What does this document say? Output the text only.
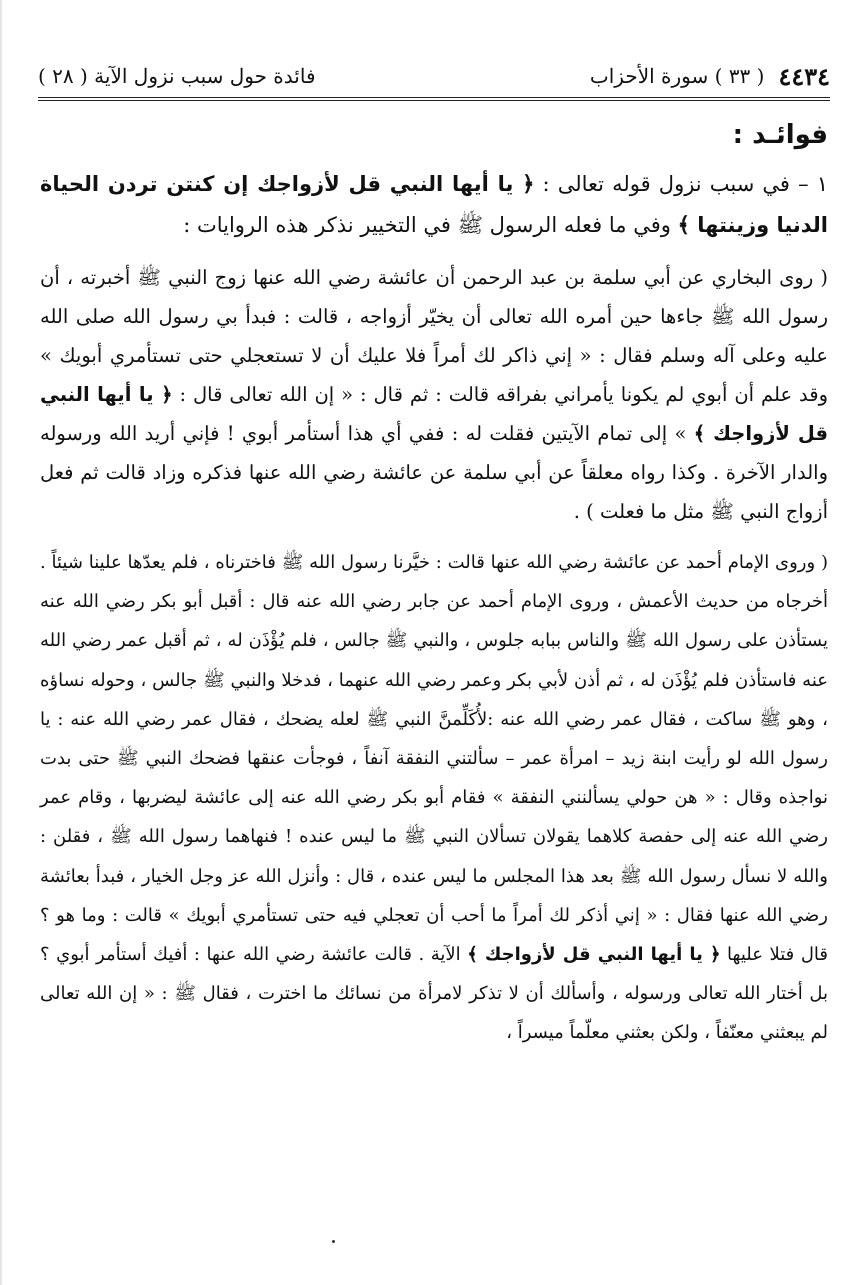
٤٤٣٤
( ٣٣ ) سورة الأحزاب
فائدة حول سبب نزول الآية ( ٢٨ )
فوائـد :

١ – في سبب نزول قوله تعالى : ﴿ يا أيها النبي قل لأزواجك إن كنتن تردن الحياة الدنيا وزينتها ﴾ وفي ما فعله الرسول ﷺ في التخيير نذكر هذه الروايات :

( روى البخاري عن أبي سلمة بن عبد الرحمن أن عائشة رضي الله عنها زوج النبي ﷺ أخبرته ، أن رسول الله ﷺ جاءها حين أمره الله تعالى أن يخيّر أزواجه ، قالت : فبدأ بي رسول الله صلى الله عليه وعلى آله وسلم فقال : « إني ذاكر لك أمراً فلا عليك أن لا تستعجلي حتى تستأمري أبويك » وقد علم أن أبوي لم يكونا يأمراني بفراقه قالت : ثم قال : « إن الله تعالى قال : ﴿ يا أيها النبي قل لأزواجك ﴾ » إلى تمام الآيتين فقلت له : ففي أي هذا أستأمر أبوي ! فإني أريد الله ورسوله والدار الآخرة . وكذا رواه معلقاً عن أبي سلمة عن عائشة رضي الله عنها فذكره وزاد قالت ثم فعل أزواج النبي ﷺ مثل ما فعلت ) .

( وروى الإمام أحمد عن عائشة رضي الله عنها قالت : خيَّرنا رسول الله ﷺ فاخترناه ، فلم يعدّها علينا شيئاً . أخرجاه من حديث الأعمش ، وروى الإمام أحمد عن جابر رضي الله عنه قال : أقبل أبو بكر رضي الله عنه يستأذن على رسول الله ﷺ والناس ببابه جلوس ، والنبي ﷺ جالس ، فلم يُؤْذَن له ، ثم أقبل عمر رضي الله عنه فاستأذن فلم يُؤْذَن له ، ثم أذن لأبي بكر وعمر رضي الله عنهما ، فدخلا والنبي ﷺ جالس ، وحوله نساؤه ، وهو ﷺ ساكت ، فقال عمر رضي الله عنه :لأُكَلِّمنَّ النبي ﷺ لعله يضحك ، فقال عمر رضي الله عنه : يا رسول الله لو رأيت ابنة زيد – امرأة عمر – سألتني النفقة آنفاً ، فوجأت عنقها فضحك النبي ﷺ حتى بدت نواجذه وقال : « هن حولي يسألنني النفقة » فقام أبو بكر رضي الله عنه إلى عائشة ليضربها ، وقام عمر رضي الله عنه إلى حفصة كلاهما يقولان تسألان النبي ﷺ ما ليس عنده ! فنهاهما رسول الله ﷺ ، فقلن : والله لا نسأل رسول الله ﷺ بعد هذا المجلس ما ليس عنده ، قال : وأنزل الله عز وجل الخيار ، فبدأ بعائشة رضي الله عنها فقال : « إني أذكر لك أمراً ما أحب أن تعجلي فيه حتى تستأمري أبويك » قالت : وما هو ؟ قال فتلا عليها ﴿ يا أيها النبي قل لأزواجك ﴾ الآية . قالت عائشة رضي الله عنها : أفيك أستأمر أبوي ؟ بل أختار الله تعالى ورسوله ، وأسألك أن لا تذكر لامرأة من نسائك ما اخترت ، فقال ﷺ : « إن الله تعالى لم يبعثني معنّفاً ، ولكن بعثني معلّماً ميسراً ،
